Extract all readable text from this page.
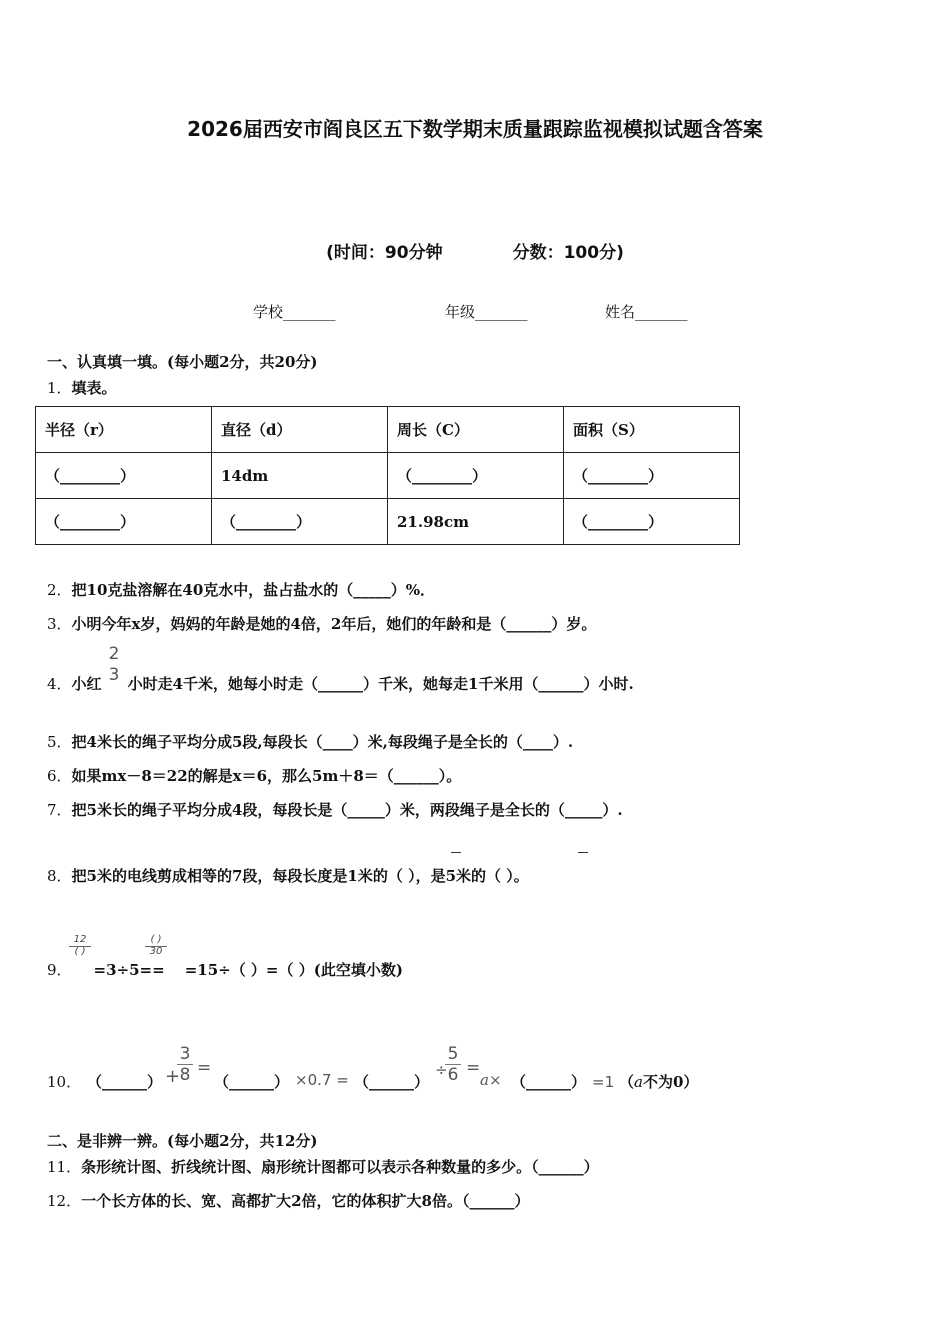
2026届西安市阎良区五下数学期末质量跟踪监视模拟试题含答案
(时间：90分钟	分数：100分)
学校_______	年级_______	姓名_______
一、认真填一填。(每小题2分，共20分)
1．填表。
半径（r）	直径（d）	周长（C）	面积（S）
（________）	14dm	（________）	（________）
（________）	（________）	21.98cm	（________）
2．把10克盐溶解在40克水中，盐占盐水的（_____）%．
3．小明今年x岁，妈妈的年龄是她的4倍，2年后，她们的年龄和是（______）岁。
4．小红 小时走4千米，她每小时走（______）千米，她每走1千米用（______）小时.
2
3
5．把4米长的绳子平均分成5段,每段长（____）米,每段绳子是全长的（____）.
6．如果mx－8＝22的解是x＝6，那么5m＋8＝（______）。
7．把5米长的绳子平均分成4段，每段长是（_____）米，两段绳子是全长的（_____）.
8．把5米的电线剪成相等的7段，每段长度是1米的（ ），是5米的（ ）。
12
( )
( )
30
9． =3÷5== =15÷（ ）=（ ）(此空填小数)
10． （______） +
$\frac{3}{8}$ =
（______） ×0.7 = （______）
÷
$\frac{5}{6}$ =
a× （______） =1 （a不为0）
二、是非辨一辨。(每小题2分，共12分)
11．条形统计图、折线统计图、扇形统计图都可以表示各种数量的多少。（______）
12．一个长方体的长、宽、高都扩大2倍，它的体积扩大8倍。（______）
